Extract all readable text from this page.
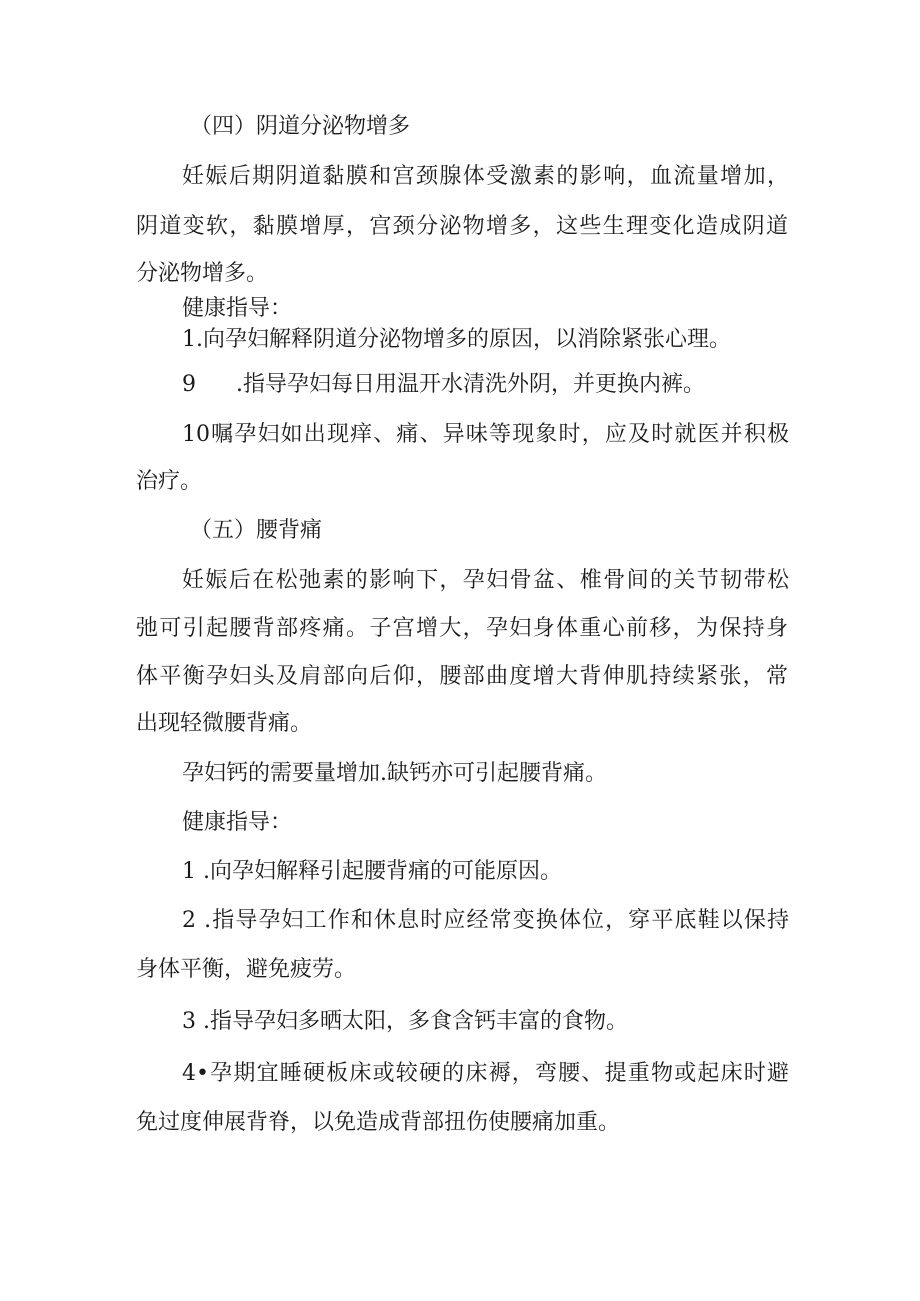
（四）阴道分泌物增多

妊娠后期阴道黏膜和宫颈腺体受激素的影响，血流量增加，

阴道变软，黏膜增厚，宫颈分泌物增多，这些生理变化造成阴道

分泌物增多。

健康指导：

1.向孕妇解释阴道分泌物增多的原因，以消除紧张心理。

9 .指导孕妇每日用温开水清洗外阴，并更换内裤。

10嘱孕妇如出现痒、痛、异味等现象时，应及时就医并积极

治疗。

（五）腰背痛

妊娠后在松弛素的影响下，孕妇骨盆、椎骨间的关节韧带松

弛可引起腰背部疼痛。子宫增大，孕妇身体重心前移，为保持身

体平衡孕妇头及肩部向后仰，腰部曲度增大背伸肌持续紧张，常

出现轻微腰背痛。

孕妇钙的需要量增加.缺钙亦可引起腰背痛。

健康指导：

1 .向孕妇解释引起腰背痛的可能原因。

2 .指导孕妇工作和休息时应经常变换体位，穿平底鞋以保持

身体平衡，避免疲劳。

3 .指导孕妇多晒太阳，多食含钙丰富的食物。

4•孕期宜睡硬板床或较硬的床褥，弯腰、提重物或起床时避

免过度伸展背脊，以免造成背部扭伤使腰痛加重。
